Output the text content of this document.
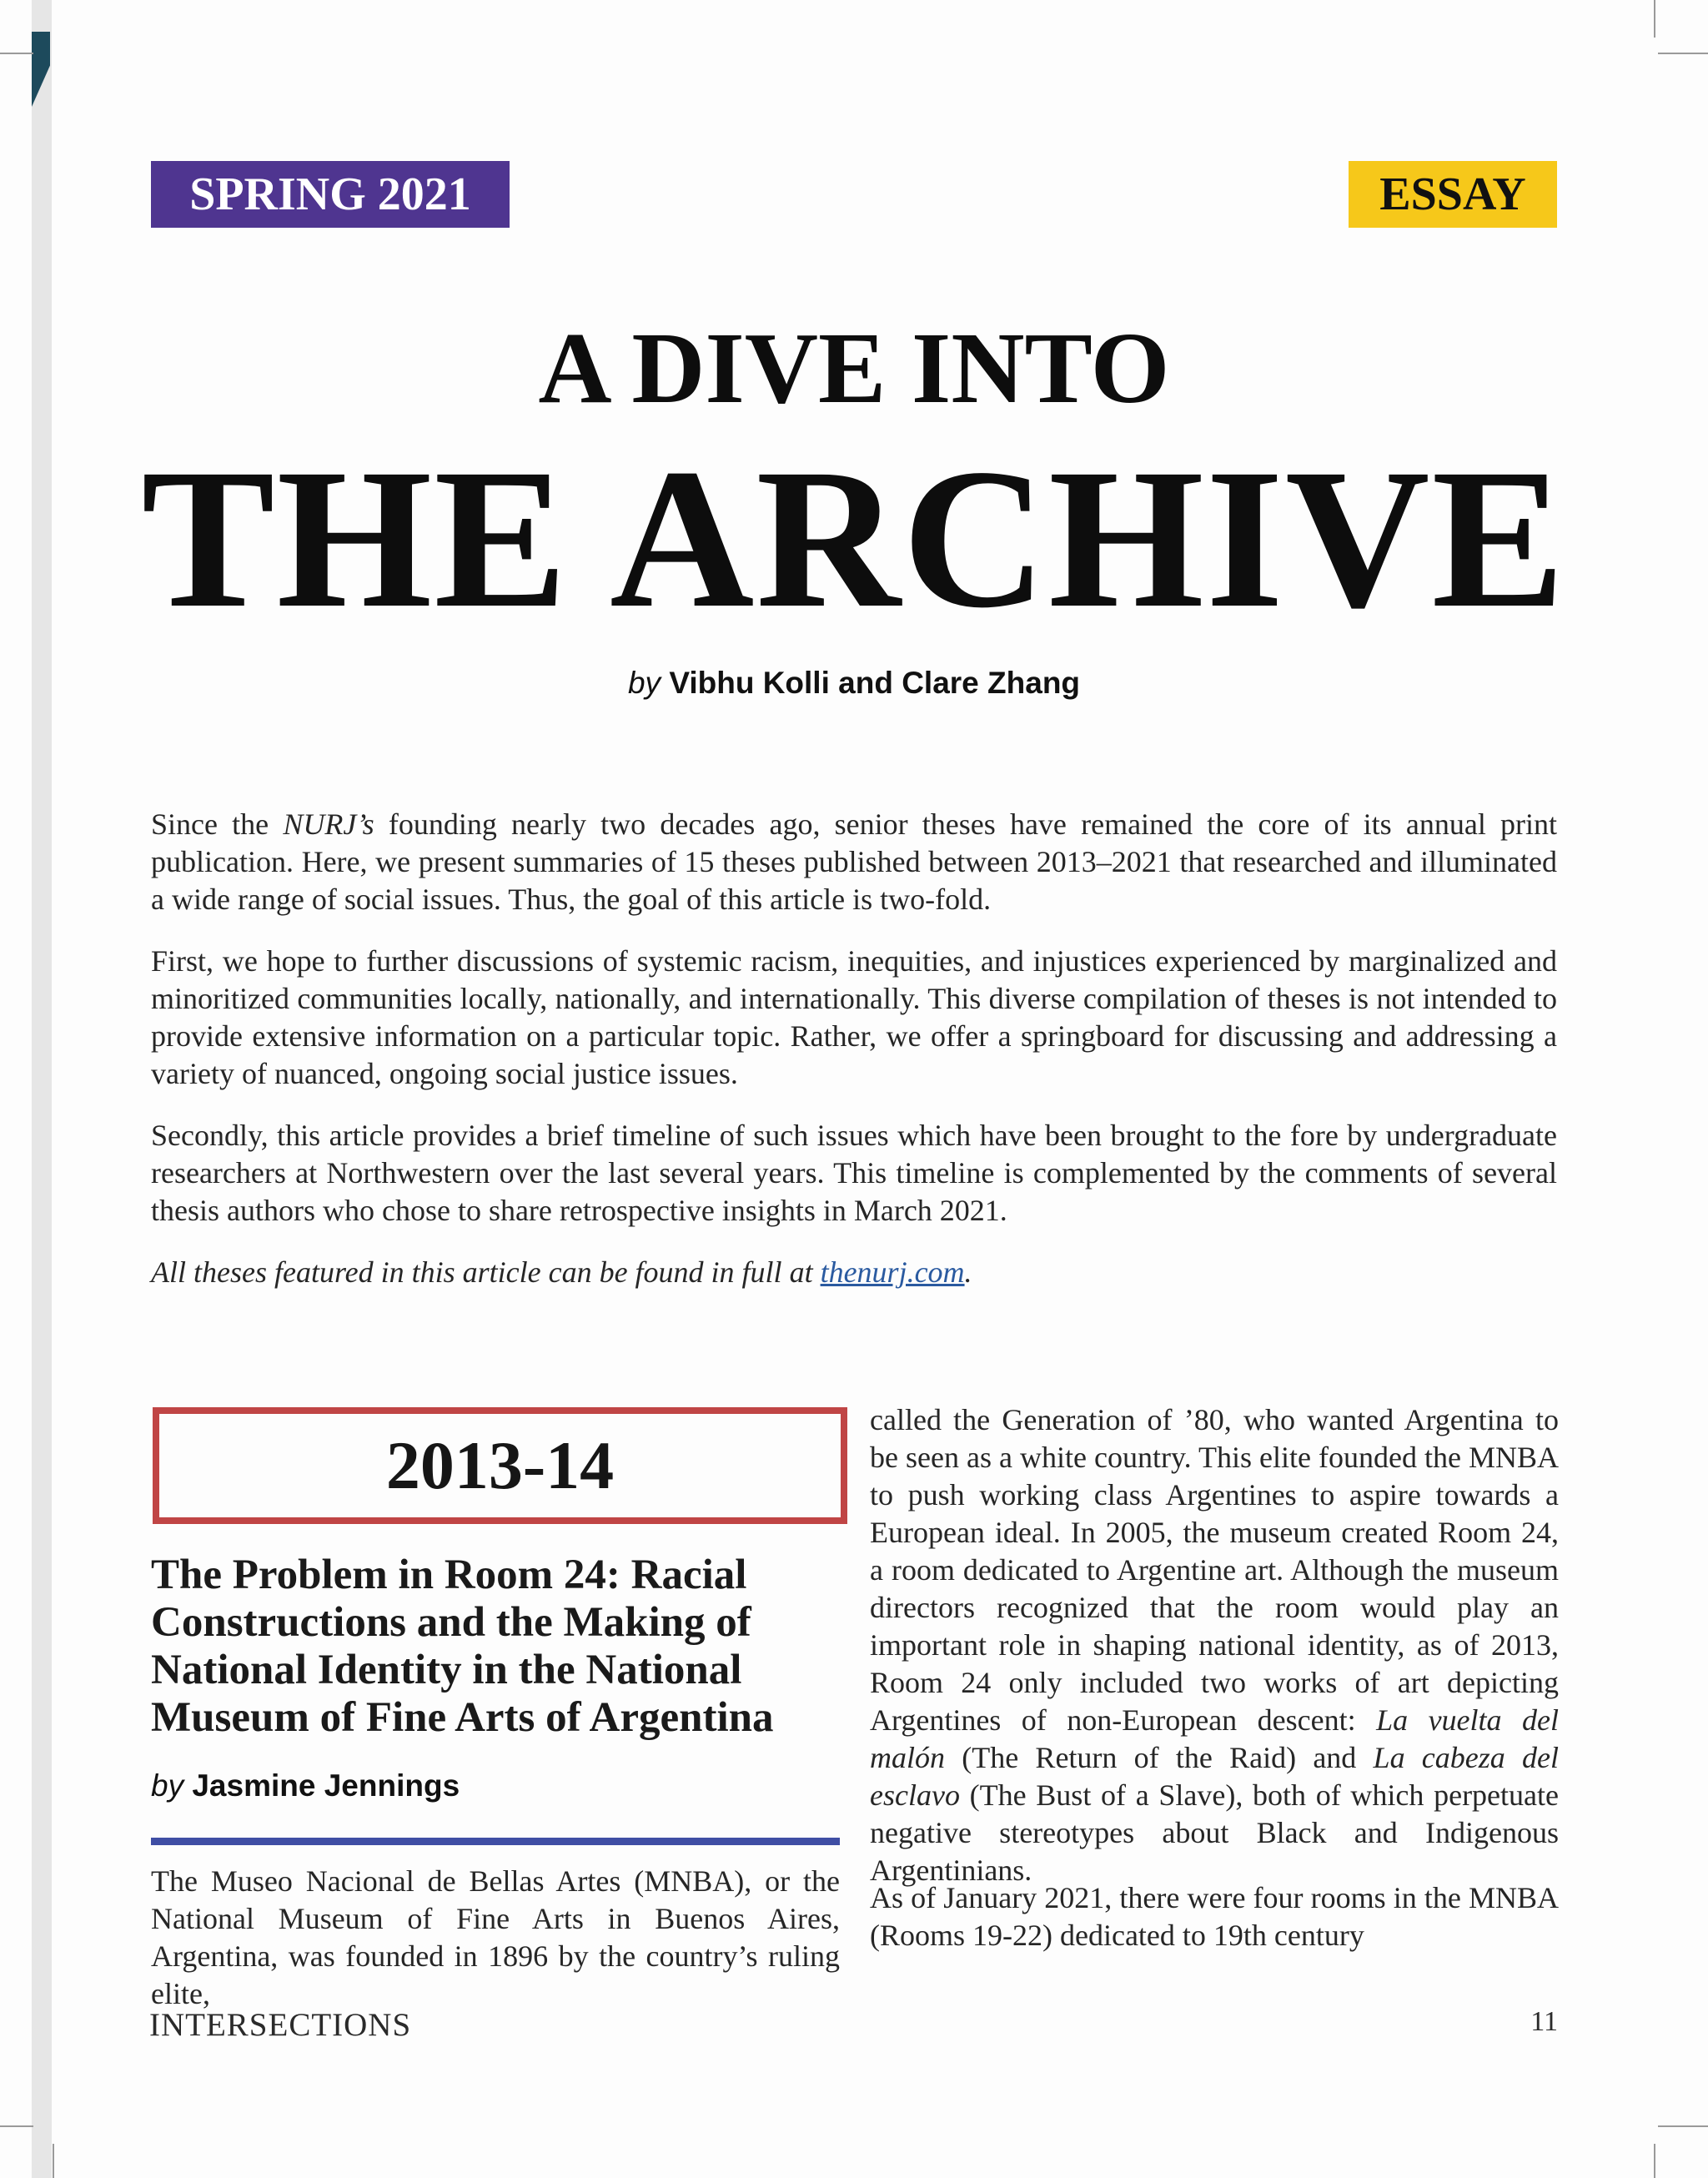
SPRING 2021	ESSAY
A DIVE INTO
THE ARCHIVE
by Vibhu Kolli and Clare Zhang
Since the NURJ’s founding nearly two decades ago, senior theses have remained the core of its annual print publication. Here, we present summaries of 15 theses published between 2013–2021 that researched and illuminated a wide range of social issues. Thus, the goal of this article is two-fold.
First, we hope to further discussions of systemic racism, inequities, and injustices experienced by marginalized and minoritized communities locally, nationally, and internationally. This diverse compilation of theses is not intended to provide extensive information on a particular topic. Rather, we offer a springboard for discussing and addressing a variety of nuanced, ongoing social justice issues.
Secondly, this article provides a brief timeline of such issues which have been brought to the fore by undergraduate researchers at Northwestern over the last several years. This timeline is complemented by the comments of several thesis authors who chose to share retrospective insights in March 2021.
All theses featured in this article can be found in full at thenurj.com.
2013-14
The Problem in Room 24: Racial Constructions and the Making of National Identity in the National Museum of Fine Arts of Argentina
by Jasmine Jennings
The Museo Nacional de Bellas Artes (MNBA), or the National Museum of Fine Arts in Buenos Aires, Argentina, was founded in 1896 by the country’s ruling elite,
called the Generation of ’80, who wanted Argentina to be seen as a white country. This elite founded the MNBA to push working class Argentines to aspire towards a European ideal. In 2005, the museum created Room 24, a room dedicated to Argentine art. Although the museum directors recognized that the room would play an important role in shaping national identity, as of 2013, Room 24 only included two works of art depicting Argentines of non-European descent: La vuelta del malón (The Return of the Raid) and La cabeza del esclavo (The Bust of a Slave), both of which perpetuate negative stereotypes about Black and Indigenous Argentinians.
As of January 2021, there were four rooms in the MNBA (Rooms 19-22) dedicated to 19th century
INTERSECTIONS	11
